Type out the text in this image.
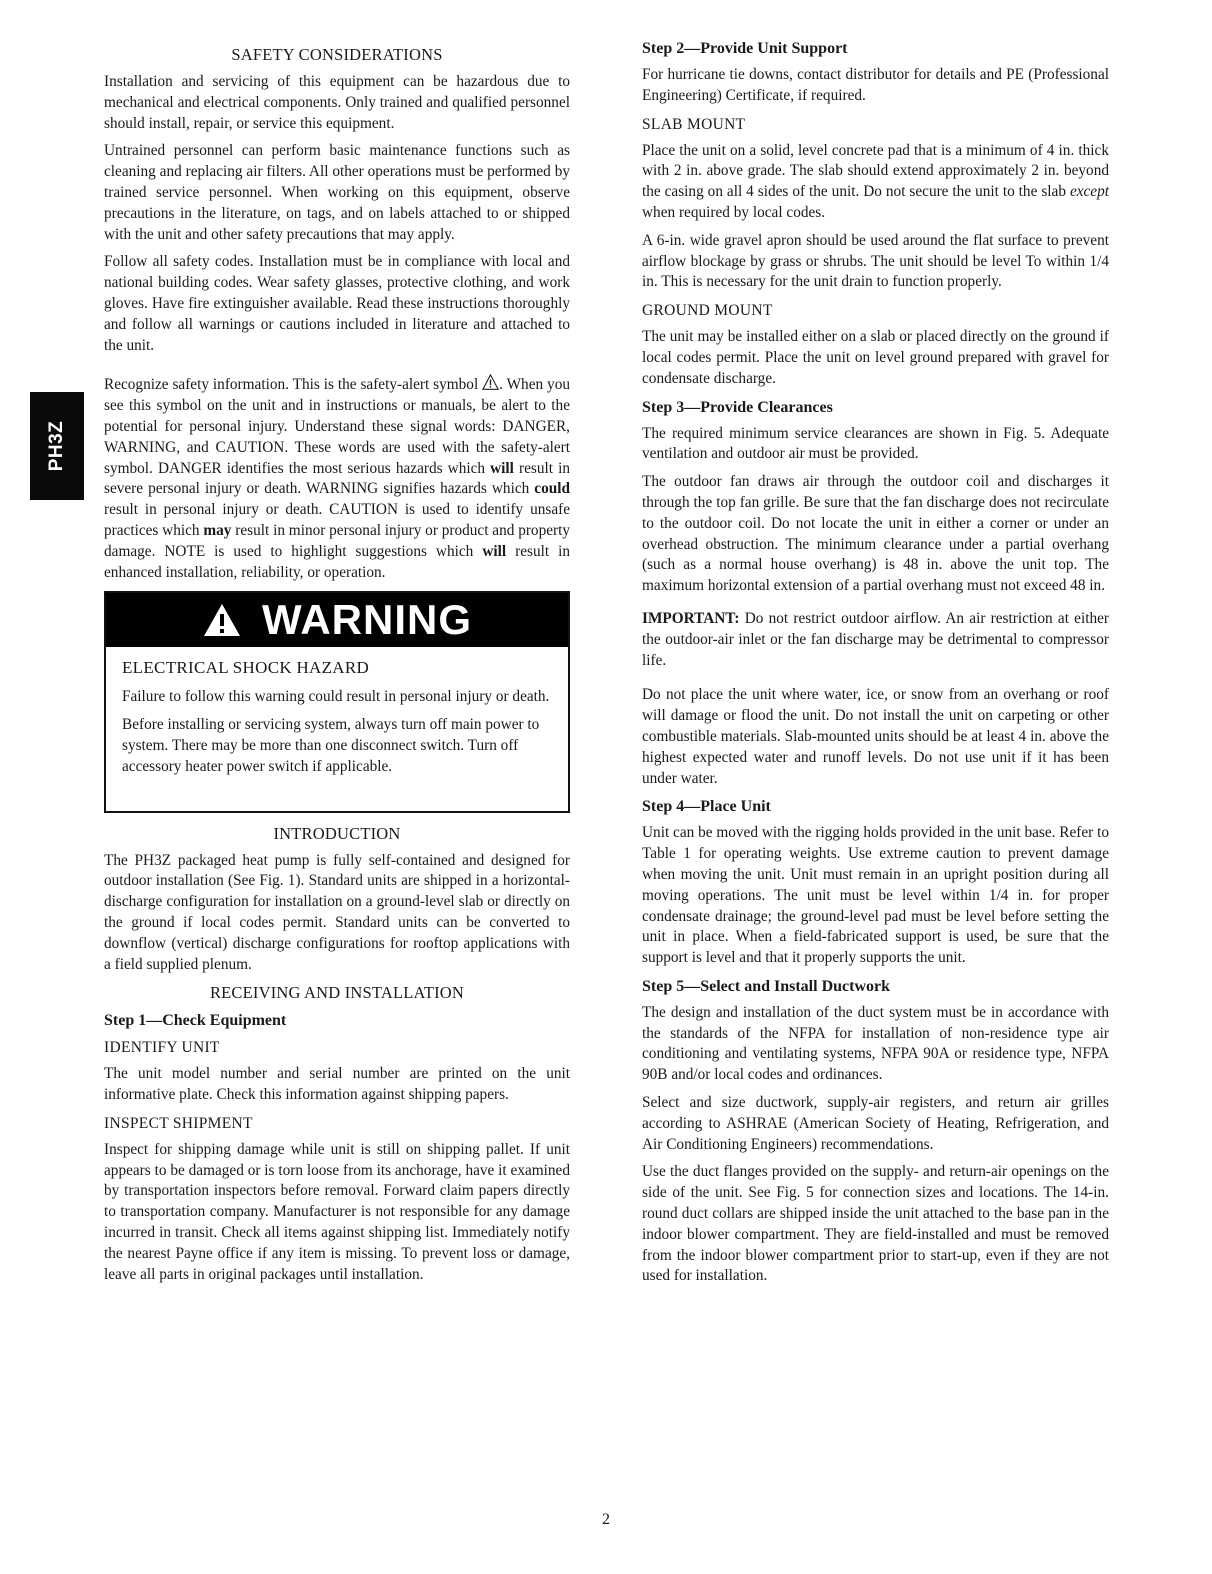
PH3Z
SAFETY CONSIDERATIONS

Installation and servicing of this equipment can be hazardous due to mechanical and electrical components. Only trained and qualified personnel should install, repair, or service this equipment.

Untrained personnel can perform basic maintenance functions such as cleaning and replacing air filters. All other operations must be performed by trained service personnel. When working on this equipment, observe precautions in the literature, on tags, and on labels attached to or shipped with the unit and other safety precautions that may apply.

Follow all safety codes. Installation must be in compliance with local and national building codes. Wear safety glasses, protective clothing, and work gloves. Have fire extinguisher available. Read these instructions thoroughly and follow all warnings or cautions included in literature and attached to the unit.

Recognize safety information. This is the safety-alert symbol . When you see this symbol on the unit and in instructions or manuals, be alert to the potential for personal injury. Understand these signal words: DANGER, WARNING, and CAUTION. These words are used with the safety-alert symbol. DANGER identifies the most serious hazards which will result in severe personal injury or death. WARNING signifies hazards which could result in personal injury or death. CAUTION is used to identify unsafe practices which may result in minor personal injury or product and property damage. NOTE is used to highlight suggestions which will result in enhanced installation, reliability, or operation.

WARNING
ELECTRICAL SHOCK HAZARD

Failure to follow this warning could result in personal injury or death.

Before installing or servicing system, always turn off main power to system. There may be more than one disconnect switch. Turn off accessory heater power switch if applicable.

INTRODUCTION

The PH3Z packaged heat pump is fully self-contained and designed for outdoor installation (See Fig. 1). Standard units are shipped in a horizontal-discharge configuration for installation on a ground-level slab or directly on the ground if local codes permit. Standard units can be converted to downflow (vertical) discharge configurations for rooftop applications with a field supplied plenum.

RECEIVING AND INSTALLATION
Step 1—Check Equipment
IDENTIFY UNIT

The unit model number and serial number are printed on the unit informative plate. Check this information against shipping papers.

INSPECT SHIPMENT

Inspect for shipping damage while unit is still on shipping pallet. If unit appears to be damaged or is torn loose from its anchorage, have it examined by transportation inspectors before removal. Forward claim papers directly to transportation company. Manufacturer is not responsible for any damage incurred in transit. Check all items against shipping list. Immediately notify the nearest Payne office if any item is missing. To prevent loss or damage, leave all parts in original packages until installation.

Step 2—Provide Unit Support

For hurricane tie downs, contact distributor for details and PE (Professional Engineering) Certificate, if required.

SLAB MOUNT

Place the unit on a solid, level concrete pad that is a minimum of 4 in. thick with 2 in. above grade. The slab should extend approximately 2 in. beyond the casing on all 4 sides of the unit. Do not secure the unit to the slab except when required by local codes.

A 6-in. wide gravel apron should be used around the flat surface to prevent airflow blockage by grass or shrubs. The unit should be level To within 1/4 in. This is necessary for the unit drain to function properly.

GROUND MOUNT

The unit may be installed either on a slab or placed directly on the ground if local codes permit. Place the unit on level ground prepared with gravel for condensate discharge.

Step 3—Provide Clearances

The required minimum service clearances are shown in Fig. 5. Adequate ventilation and outdoor air must be provided.

The outdoor fan draws air through the outdoor coil and discharges it through the top fan grille. Be sure that the fan discharge does not recirculate to the outdoor coil. Do not locate the unit in either a corner or under an overhead obstruction. The minimum clearance under a partial overhang (such as a normal house overhang) is 48 in. above the unit top. The maximum horizontal extension of a partial overhang must not exceed 48 in.

IMPORTANT: Do not restrict outdoor airflow. An air restriction at either the outdoor-air inlet or the fan discharge may be detrimental to compressor life.

Do not place the unit where water, ice, or snow from an overhang or roof will damage or flood the unit. Do not install the unit on carpeting or other combustible materials. Slab-mounted units should be at least 4 in. above the highest expected water and runoff levels. Do not use unit if it has been under water.

Step 4—Place Unit

Unit can be moved with the rigging holds provided in the unit base. Refer to Table 1 for operating weights. Use extreme caution to prevent damage when moving the unit. Unit must remain in an upright position during all moving operations. The unit must be level within 1/4 in. for proper condensate drainage; the ground-level pad must be level before setting the unit in place. When a field-fabricated support is used, be sure that the support is level and that it properly supports the unit.

Step 5—Select and Install Ductwork

The design and installation of the duct system must be in accordance with the standards of the NFPA for installation of non-residence type air conditioning and ventilating systems, NFPA 90A or residence type, NFPA 90B and/or local codes and ordinances.

Select and size ductwork, supply-air registers, and return air grilles according to ASHRAE (American Society of Heating, Refrigeration, and Air Conditioning Engineers) recommendations.

Use the duct flanges provided on the supply- and return-air openings on the side of the unit. See Fig. 5 for connection sizes and locations. The 14-in. round duct collars are shipped inside the unit attached to the base pan in the indoor blower compartment. They are field-installed and must be removed from the indoor blower compartment prior to start-up, even if they are not used for installation.

2
